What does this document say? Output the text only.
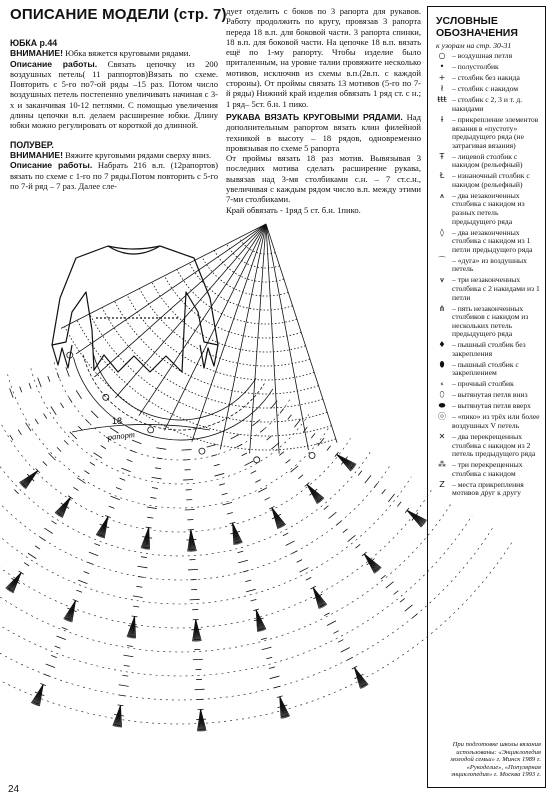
ОПИСАНИЕ МОДЕЛИ (стр. 7)

ЮБКА р.44

ВНИМАНИЕ! Юбка вяжется круговыми рядами.

Описание работы. Связать цепочку из 200 воздушных петель( 11 раппортов)Вязать по схеме. Повторить с 5-го по7-ой ряды –15 раз. Потом число воздушных петель постепенно увеличивать начиная с 3-х и заканчивая 10-12 петлями. С помощью увеличения длины цепочки в.п. делаем расширение юбки. Длину юбки можно регулировать от короткой до длинной.

ПОЛУВЕР.

ВНИМАНИЕ! Вяжите круговыми рядами сверху вниз.

Описание работы. Набрать 216 в.п. (12рапортов) вязать по схеме с 1-го по 7 ряды.Потом повторить с 5-го по 7-й ряд – 7 раз. Далее сле-

дует отделить с боков по 3 рапорта для рукавов. Работу продолжить по кругу, провязав 3 рапорта переда 18 в.п. для боковой части. 3 рапорта спинки, 18 в.п. для боковой части. На цепочке 18 в.п. вязать ещё по 1-му рапорту. Чтобы изделие было приталенным, на уровне талии провяжите несколько мотивов, исключив из схемы в.п.(2в.п. с каждой стороны). От проймы связать 13 мотивов (5-го по 7-й ряды) Нижний край изделия обвязать 1 ряд ст. с н.; 1 ряд– 5ст. б.н. 1 пико.

РУКАВА ВЯЗАТЬ КРУГОВЫМИ РЯДАМИ. Над дополнительным рапортом вязать клин филейной техникой в высоту – 18 рядов, одновременно провязывая по схеме 5 рапорта

От проймы вязать 18 раз мотив. Вывязывая 3 последних мотива сделать расширение рукава, вывязав над 3-мя столбиками с.н. – 7 ст.с.н., увеличивая с каждым рядом число в.п. между этими 7-ми столбиками.

Край обвязать - 1ряд 5 ст. б.н. 1пико.

18
рапорт
УСЛОВНЫЕ
ОБОЗНАЧЕНИЯ
к узорам на стр. 30-31
○ – воздушная петля
•	– полустолбик
+ – столбик без накида
ł	– столбик с накидом
ŧŧŧ – столбик с 2, 3 и т. д. накидами
Ɨ	– прикрепление элементов вязания в «пустоту» предыдущего ряда (не затрагивая вязания)
Ŧ – лицевой столбик с накидом (рельефный)
Ł	– изнаночный столбик с накидом (рельефный)
⩚	– два незаконченных столбика с накидом из разных петель предыдущего ряда
◊	– два незаконченных столбика с накидом из 1 петли предыдущего ряда
⌒ – «дуга» из воздушных петель
⩛	– три незаконченных столбика с 2 накидами из 1 петли
⋔ – пять незаконченных столбиков с накидом из нескольких петель предыдущего ряда
♦ – пышный столбик без закрепления
⬮ – пышный столбик с закреплением
⸗	– прочный столбик
⬯ – вытянутая петля вниз
⬬ – вытянутая петля вверх
ⓞ – «пико» из трёх или более воздушных V петель
✕ – два перекрещенных столбика с накидом из 2 петель предыдущего ряда
⁂ – три перекрещенных столбика с накидом
Z – места прикрепления мотивов друг к другу
При подготовке школы вязания использованы: «Энциклопедия молодой семьи» г. Минск 1989 г. «Рукоделие», «Популярная энциклопедия» г. Москва 1993 г.
24
